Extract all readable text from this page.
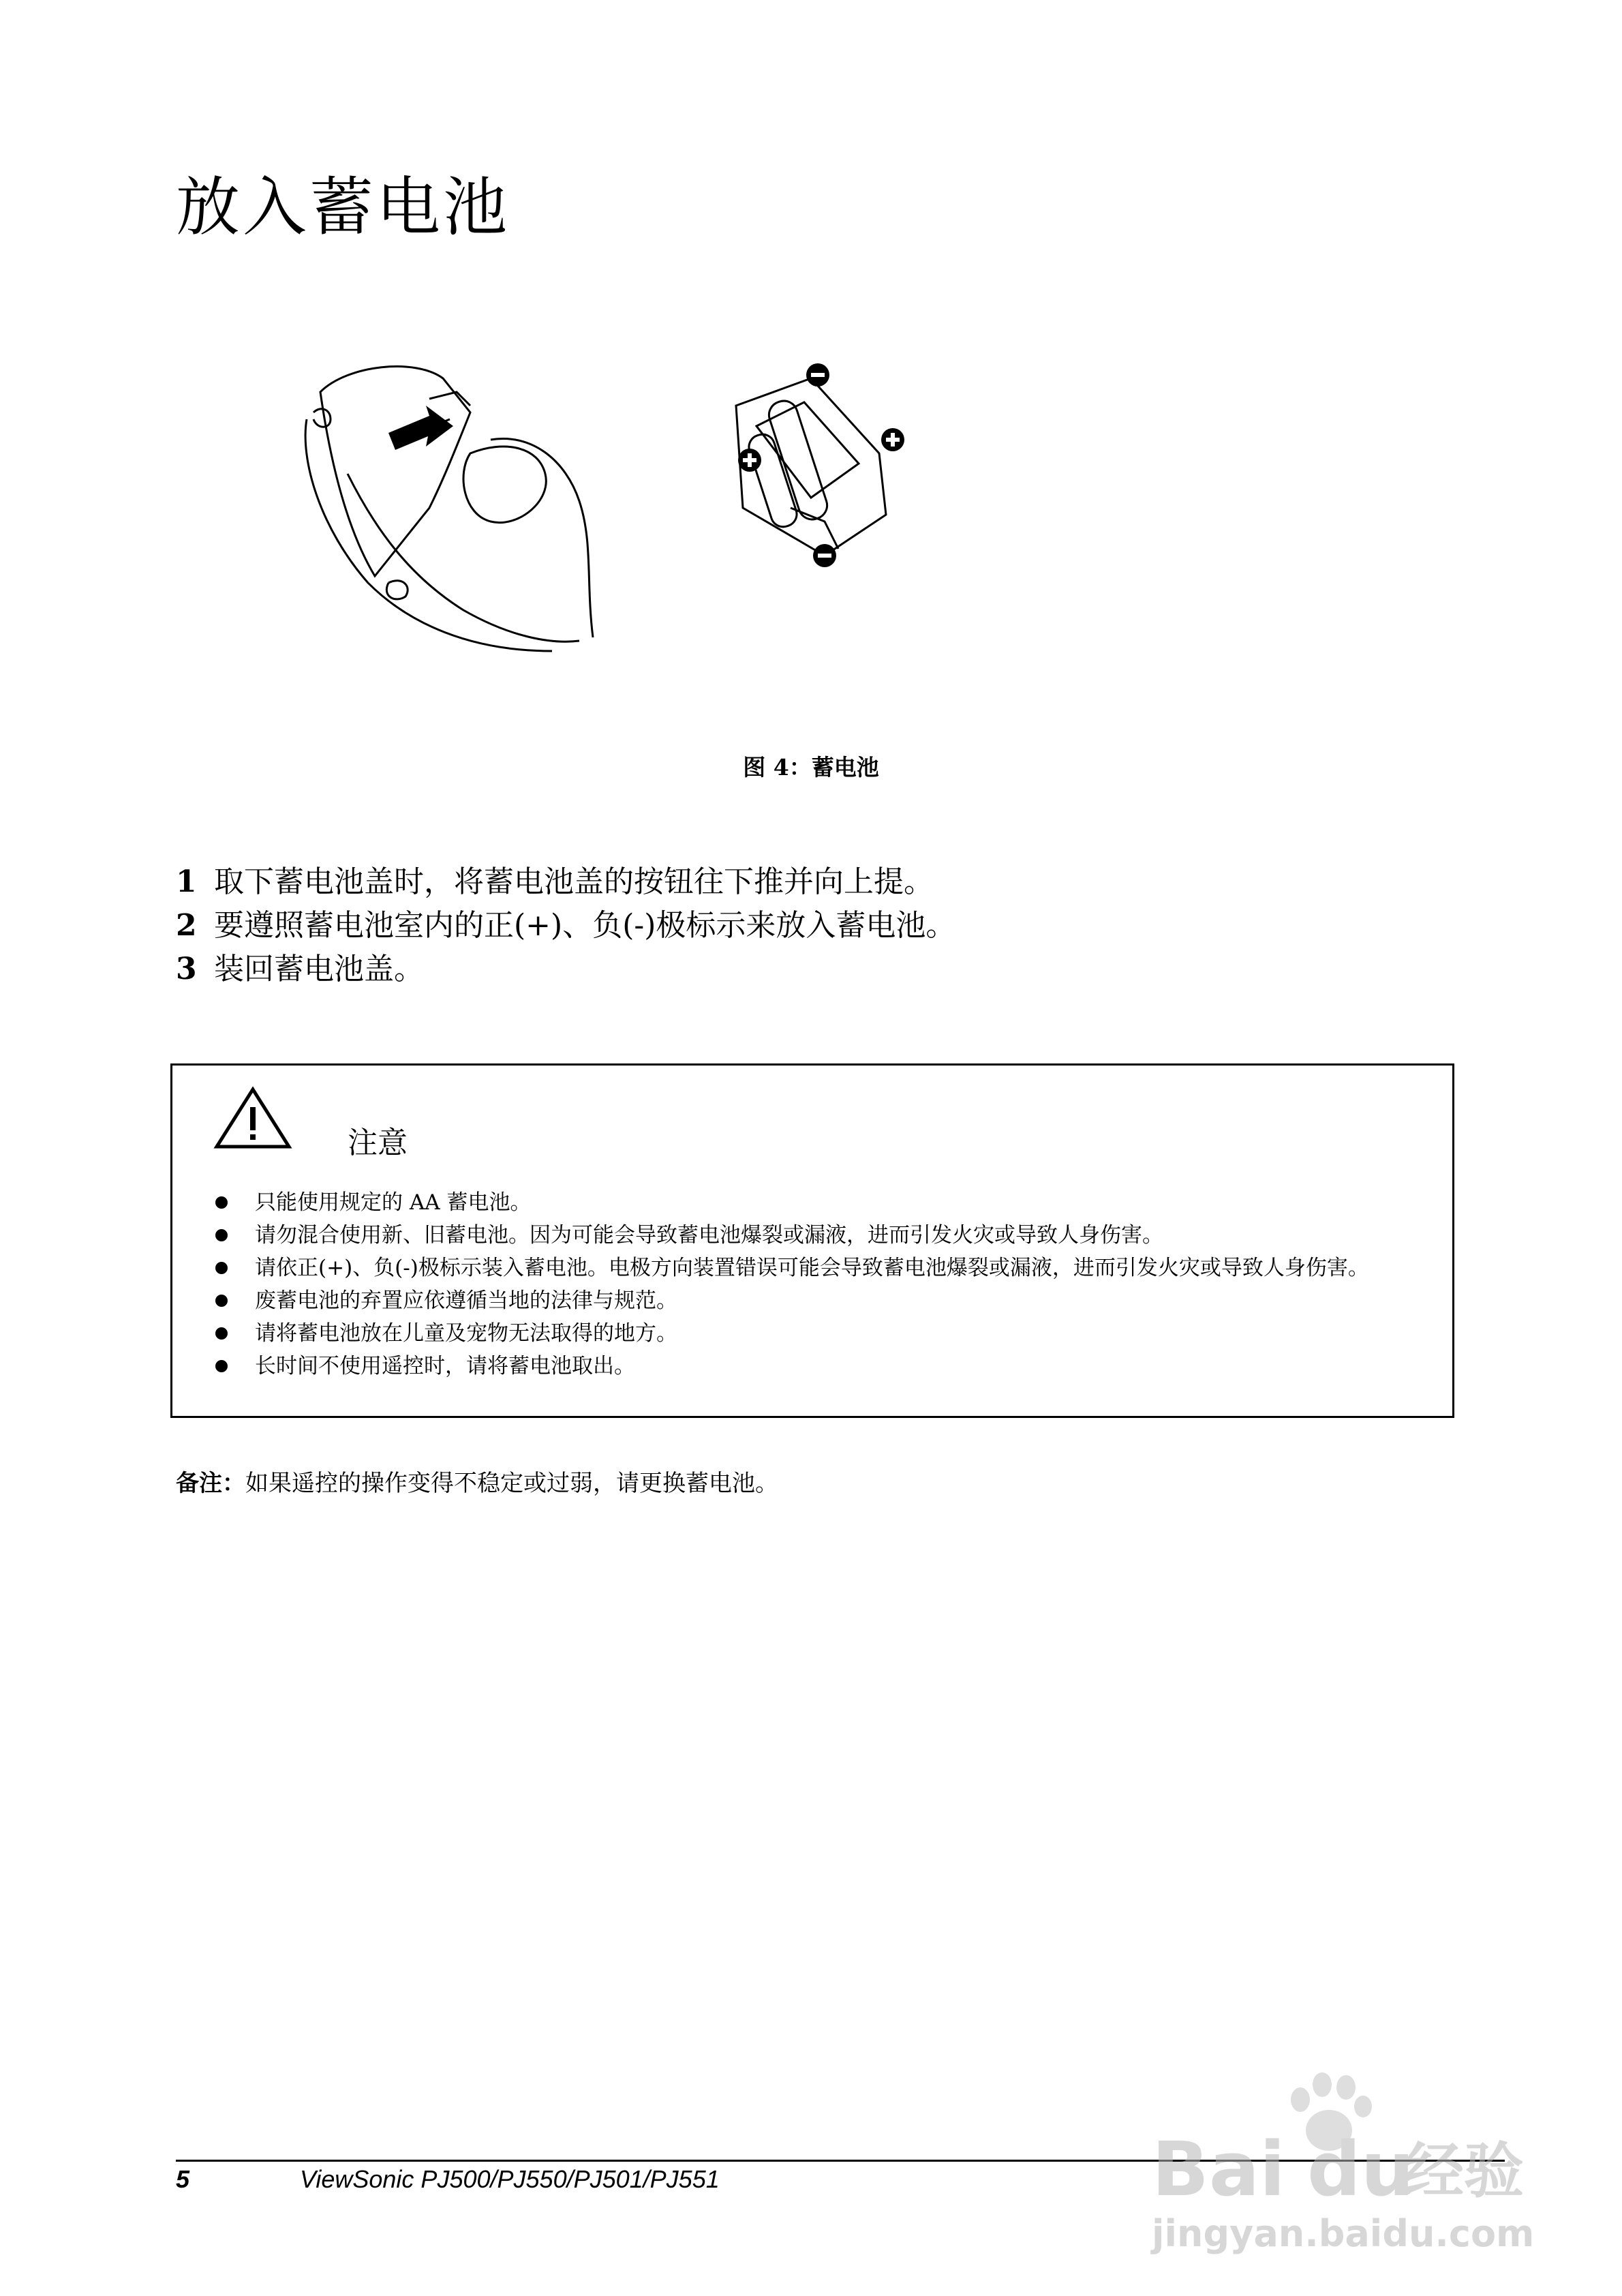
放入蓄电池
图 4：蓄电池
1 取下蓄电池盖时，将蓄电池盖的按钮往下推并向上提。
2 要遵照蓄电池室内的正(+)、负(-)极标示来放入蓄电池。
3 装回蓄电池盖。
注意
只能使用规定的 AA 蓄电池。
请勿混合使用新、旧蓄电池。因为可能会导致蓄电池爆裂或漏液，进而引发火灾或导致人身伤害。
请依正(+)、负(-)极标示装入蓄电池。电极方向装置错误可能会导致蓄电池爆裂或漏液，进而引发火灾或导致人身伤害。
废蓄电池的弃置应依遵循当地的法律与规范。
请将蓄电池放在儿童及宠物无法取得的地方。
长时间不使用遥控时，请将蓄电池取出。
备注：如果遥控的操作变得不稳定或过弱，请更换蓄电池。
5	ViewSonic PJ500/PJ550/PJ501/PJ551	Bai du
经验
jingyan.baidu.com
